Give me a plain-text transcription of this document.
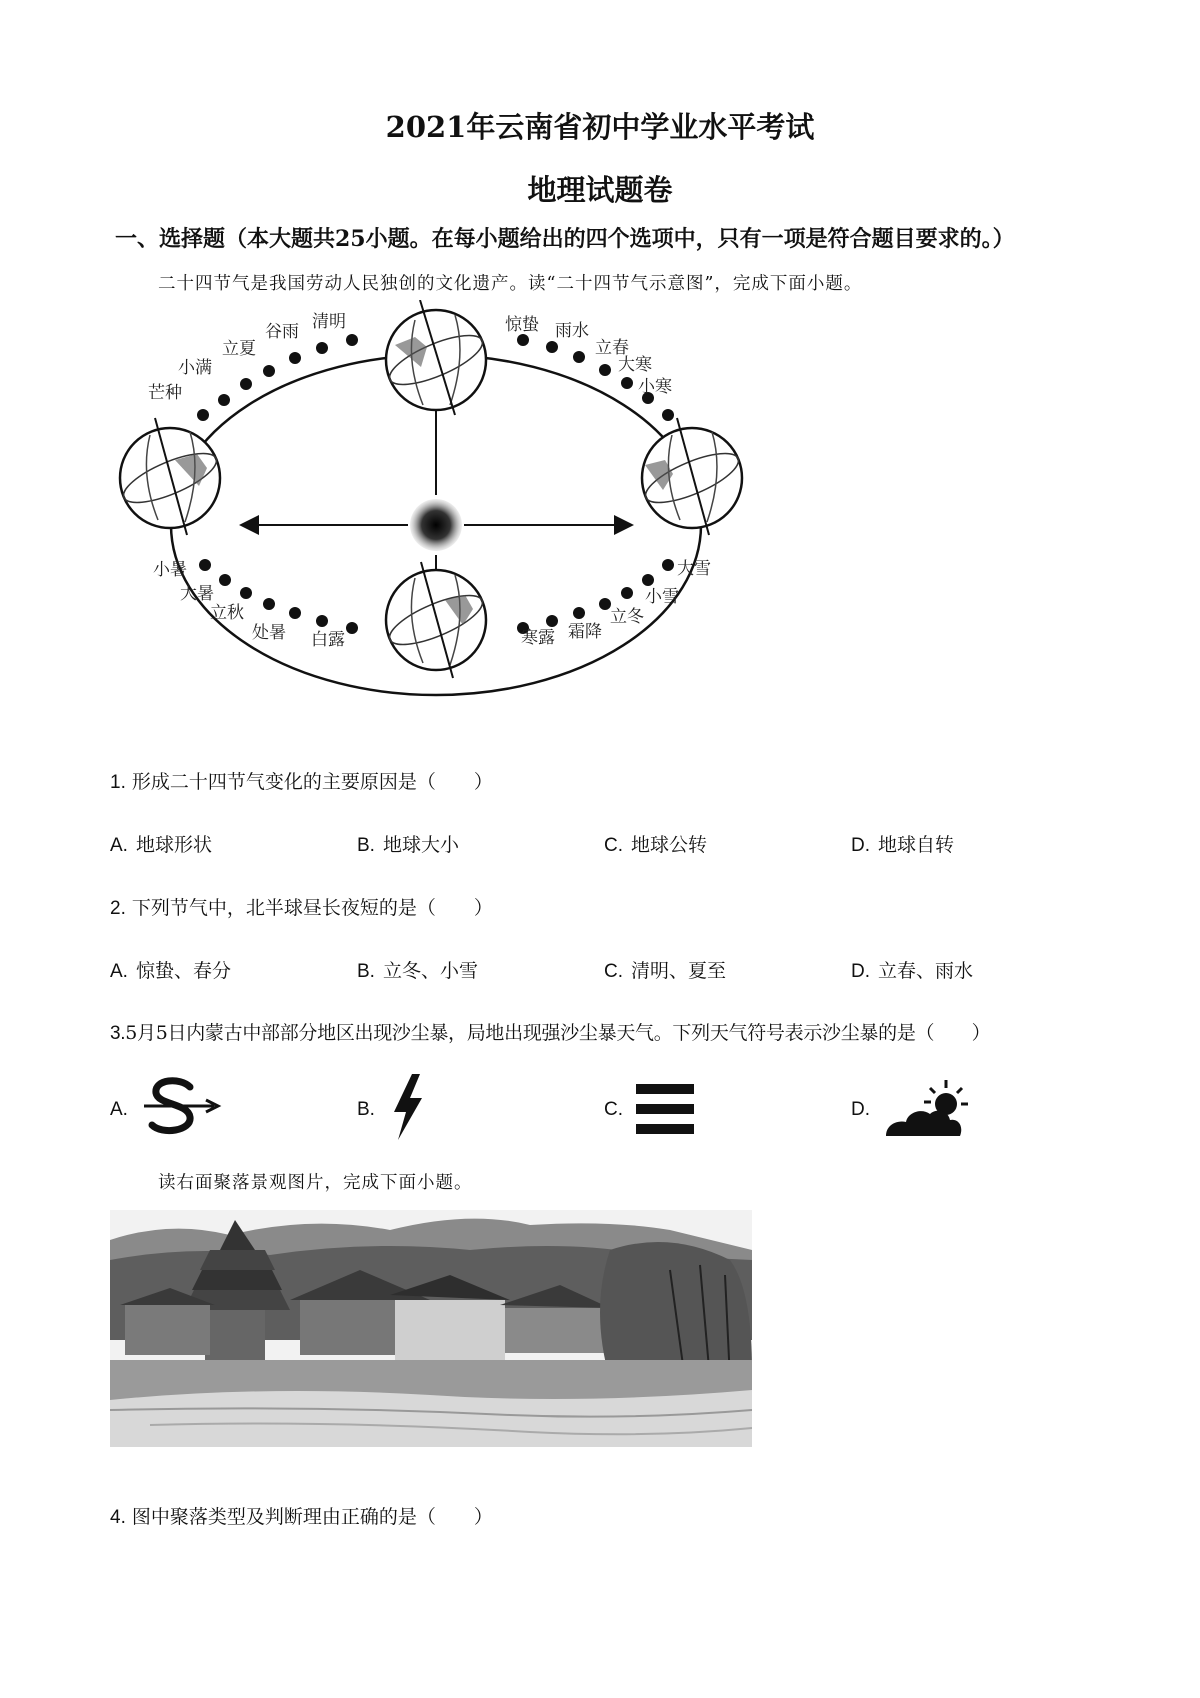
2021年云南省初中学业水平考试
地理试题卷
一、选择题（本大题共25小题。在每小题给出的四个选项中，只有一项是符合题目要求的。）
二十四节气是我国劳动人民独创的文化遗产。读“二十四节气示意图”，完成下面小题。
清明
谷雨
立夏
小满
芒种
惊蛰 雨水
立春
大寒
小寒
小暑
大暑
立秋
处暑 白露
大雪
小雪
立冬
霜降
寒露
1. 形成二十四节气变化的主要原因是（　　）
A. 地球形状	B. 地球大小	C. 地球公转	D. 地球自转
2. 下列节气中，北半球昼长夜短的是（　　）
A. 惊蛰、春分	B. 立冬、小雪	C. 清明、夏至	D. 立春、雨水
3.5月5日内蒙古中部部分地区出现沙尘暴，局地出现强沙尘暴天气。下列天气符号表示沙尘暴的是（　　）
A.	B.	C.	D.
读右面聚落景观图片，完成下面小题。
4. 图中聚落类型及判断理由正确的是（　　）
